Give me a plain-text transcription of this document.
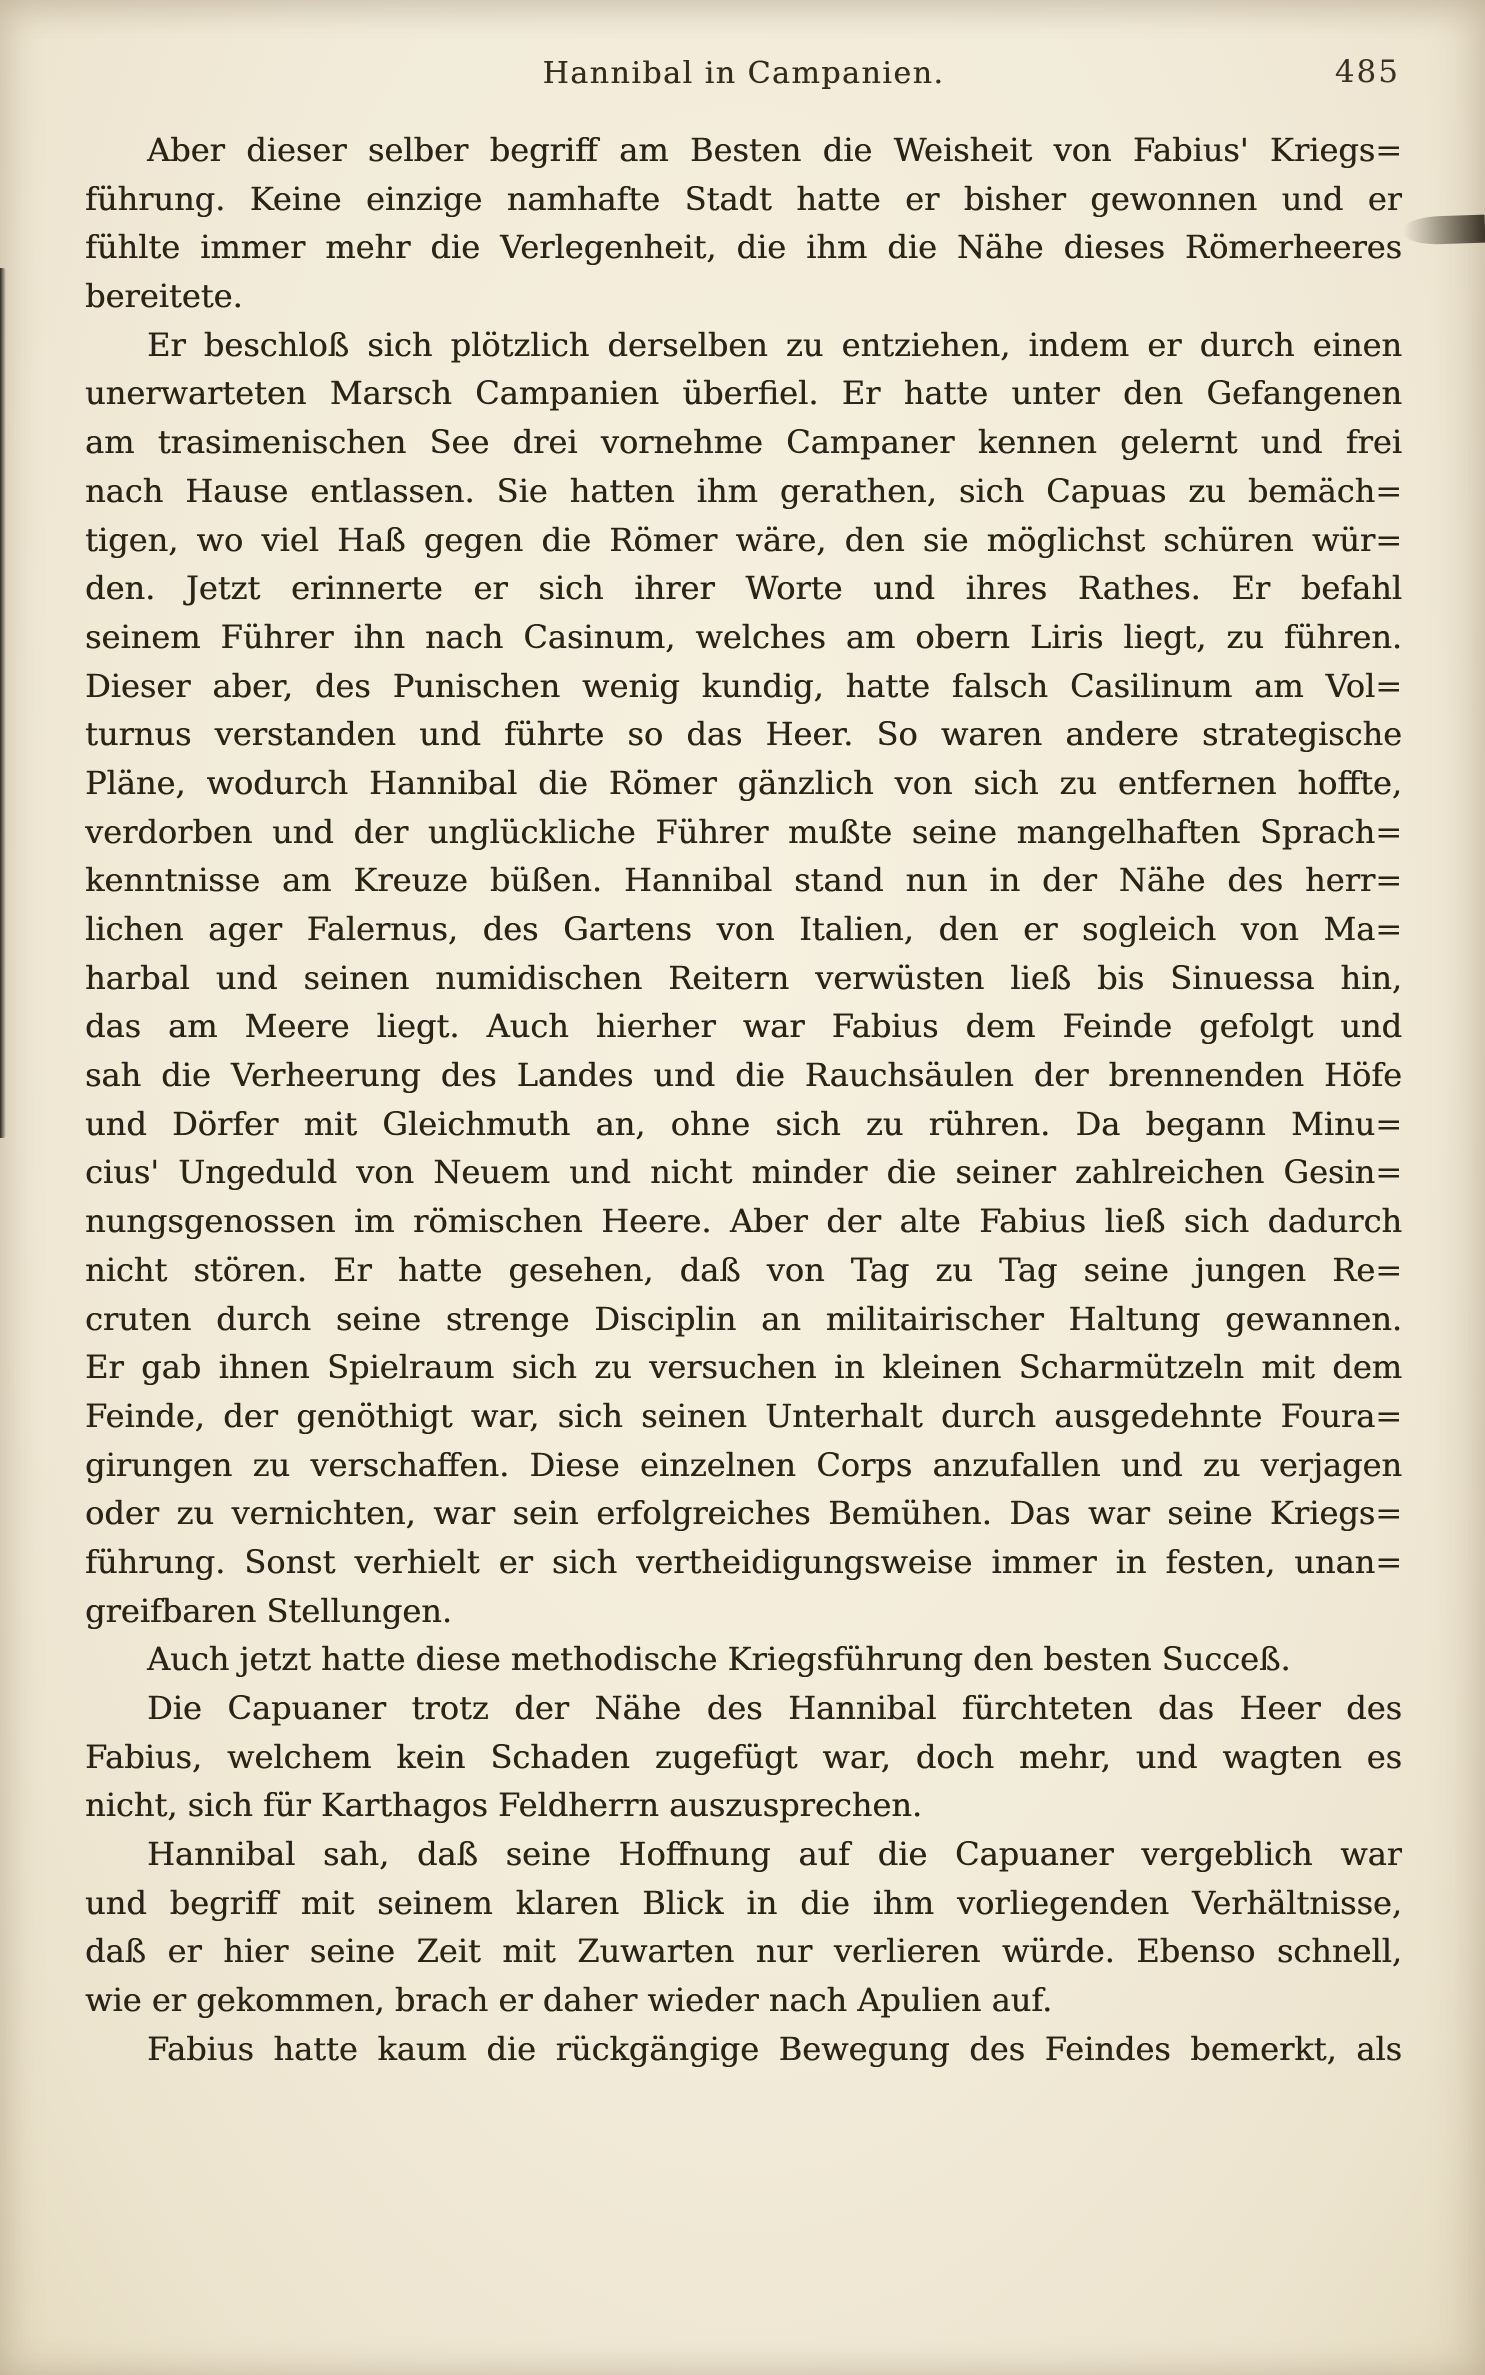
Hannibal in Campanien.	485
Aber dieser selber begriff am Besten die Weisheit von Fabius' Kriegs=
führung. Keine einzige namhafte Stadt hatte er bisher gewonnen und er
fühlte immer mehr die Verlegenheit, die ihm die Nähe dieses Römerheeres
bereitete.
Er beschloß sich plötzlich derselben zu entziehen, indem er durch einen
unerwarteten Marsch Campanien überfiel. Er hatte unter den Gefangenen
am trasimenischen See drei vornehme Campaner kennen gelernt und frei
nach Hause entlassen. Sie hatten ihm gerathen, sich Capuas zu bemäch=
tigen, wo viel Haß gegen die Römer wäre, den sie möglichst schüren wür=
den. Jetzt erinnerte er sich ihrer Worte und ihres Rathes. Er befahl
seinem Führer ihn nach Casinum, welches am obern Liris liegt, zu führen.
Dieser aber, des Punischen wenig kundig, hatte falsch Casilinum am Vol=
turnus verstanden und führte so das Heer. So waren andere strategische
Pläne, wodurch Hannibal die Römer gänzlich von sich zu entfernen hoffte,
verdorben und der unglückliche Führer mußte seine mangelhaften Sprach=
kenntnisse am Kreuze büßen. Hannibal stand nun in der Nähe des herr=
lichen ager Falernus, des Gartens von Italien, den er sogleich von Ma=
harbal und seinen numidischen Reitern verwüsten ließ bis Sinuessa hin,
das am Meere liegt. Auch hierher war Fabius dem Feinde gefolgt und
sah die Verheerung des Landes und die Rauchsäulen der brennenden Höfe
und Dörfer mit Gleichmuth an, ohne sich zu rühren. Da begann Minu=
cius' Ungeduld von Neuem und nicht minder die seiner zahlreichen Gesin=
nungsgenossen im römischen Heere. Aber der alte Fabius ließ sich dadurch
nicht stören. Er hatte gesehen, daß von Tag zu Tag seine jungen Re=
cruten durch seine strenge Disciplin an militairischer Haltung gewannen.
Er gab ihnen Spielraum sich zu versuchen in kleinen Scharmützeln mit dem
Feinde, der genöthigt war, sich seinen Unterhalt durch ausgedehnte Foura=
girungen zu verschaffen. Diese einzelnen Corps anzufallen und zu verjagen
oder zu vernichten, war sein erfolgreiches Bemühen. Das war seine Kriegs=
führung. Sonst verhielt er sich vertheidigungsweise immer in festen, unan=
greifbaren Stellungen.
Auch jetzt hatte diese methodische Kriegsführung den besten Succeß.
Die Capuaner trotz der Nähe des Hannibal fürchteten das Heer des
Fabius, welchem kein Schaden zugefügt war, doch mehr, und wagten es
nicht, sich für Karthagos Feldherrn auszusprechen.
Hannibal sah, daß seine Hoffnung auf die Capuaner vergeblich war
und begriff mit seinem klaren Blick in die ihm vorliegenden Verhältnisse,
daß er hier seine Zeit mit Zuwarten nur verlieren würde. Ebenso schnell,
wie er gekommen, brach er daher wieder nach Apulien auf.
Fabius hatte kaum die rückgängige Bewegung des Feindes bemerkt, als
